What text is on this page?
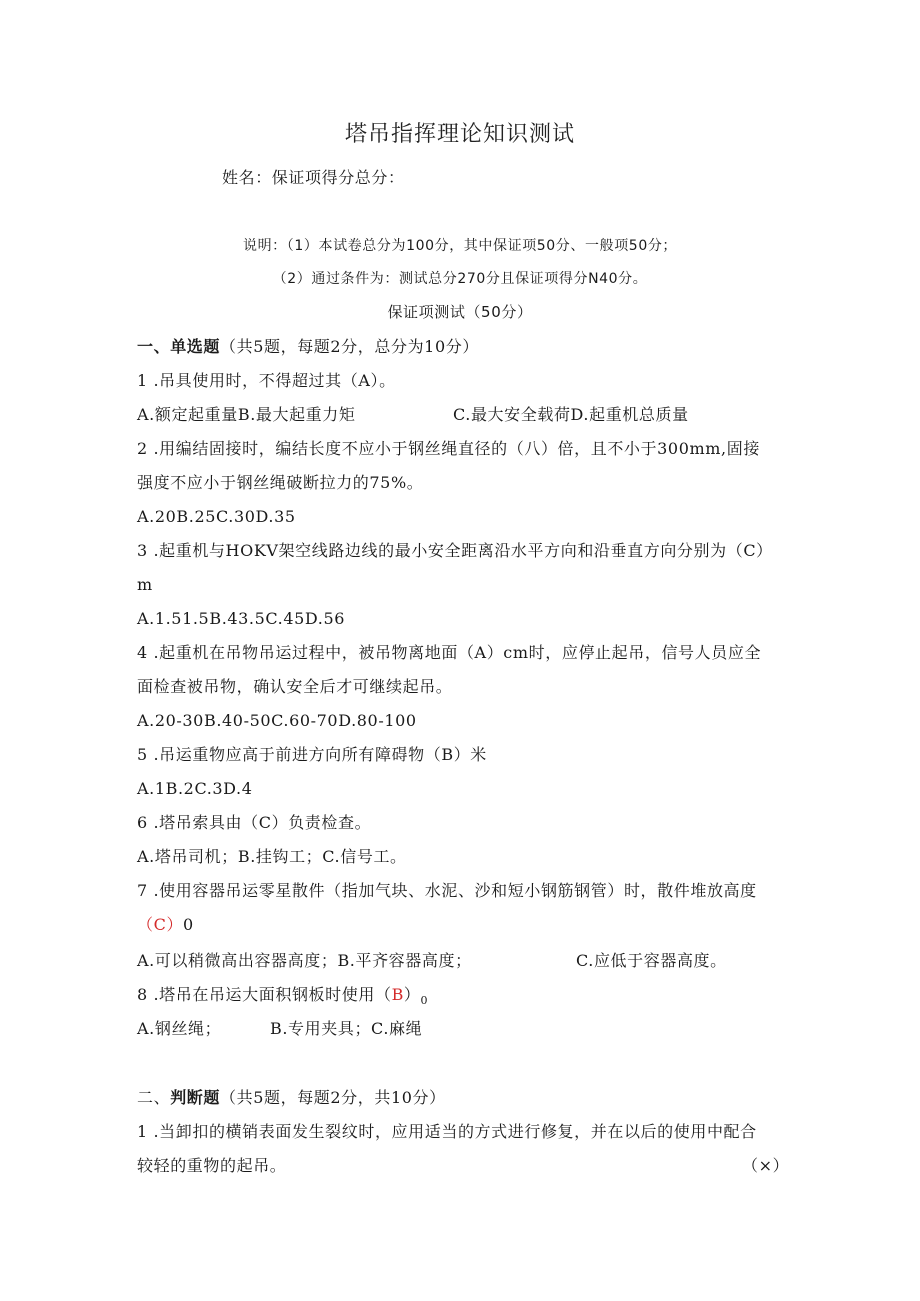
塔吊指挥理论知识测试
姓名：保证项得分总分：
说明：（1）本试卷总分为100分，其中保证项50分、一般项50分；
（2）通过条件为：测试总分270分且保证项得分N40分。
保证项测试（50分）
一、单选题（共5题，每题2分，总分为10分）
1 .吊具使用时，不得超过其（A）。
A.额定起重量B.最大起重力矩	C.最大安全载荷D.起重机总质量
2 .用编结固接时，编结长度不应小于钢丝绳直径的（八）倍，且不小于300mm,固接
强度不应小于钢丝绳破断拉力的75%。
A.20B.25C.30D.35
3 .起重机与HOKV架空线路边线的最小安全距离沿水平方向和沿垂直方向分别为（C）
m
A.1.51.5B.43.5C.45D.56
4 .起重机在吊物吊运过程中，被吊物离地面（A）cm时，应停止起吊，信号人员应全
面检查被吊物，确认安全后才可继续起吊。
A.20-30B.40-50C.60-70D.80-100
5 .吊运重物应高于前进方向所有障碍物（B）米
A.1B.2C.3D.4
6 .塔吊索具由（C）负责检查。
A.塔吊司机；B.挂钩工；C.信号工。
7 .使用容器吊运零星散件（指加气块、水泥、沙和短小钢筋钢管）时，散件堆放高度
（C）0
A.可以稍微高出容器高度；B.平齐容器高度；	C.应低于容器高度。
8 .塔吊在吊运大面积钢板时使用$(B)_0$
A.钢丝绳；	B.专用夹具；C.麻绳
二、判断题（共5题，每题2分，共10分）
1 .当卸扣的横销表面发生裂纹时，应用适当的方式进行修复，并在以后的使用中配合
较轻的重物的起吊。	（×）
